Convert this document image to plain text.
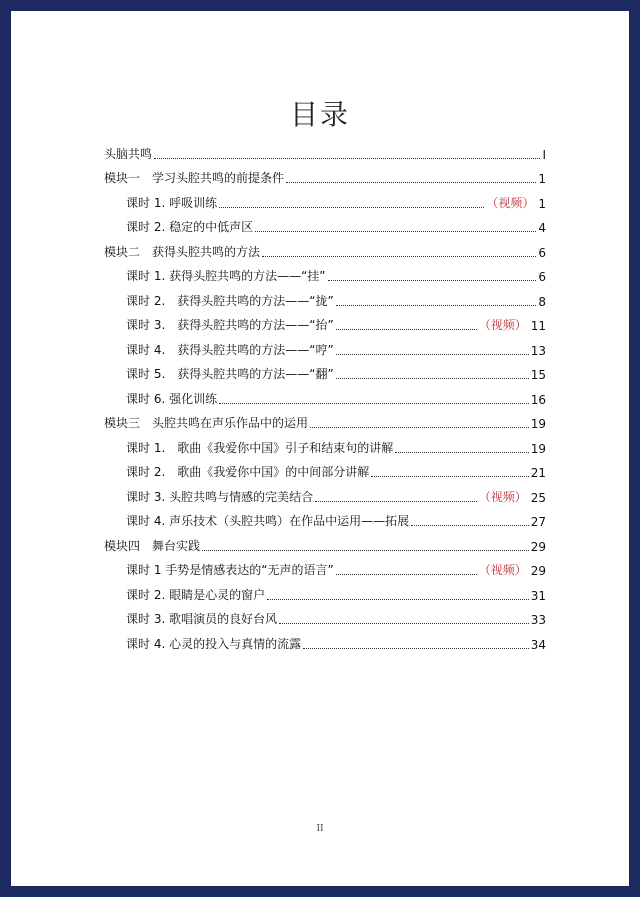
目录
头脑共鸣	I
模块一　学习头腔共鸣的前提条件	1
课时 1. 呼吸训练	（视频） 1
课时 2. 稳定的中低声区	4
模块二　获得头腔共鸣的方法	6
课时 1. 获得头腔共鸣的方法——“挂”	6
课时 2.　获得头腔共鸣的方法——“拢”	8
课时 3.　获得头腔共鸣的方法——“抬”	（视频） 11
课时 4.　获得头腔共鸣的方法——“哼”	13
课时 5.　获得头腔共鸣的方法——“翻”	15
课时 6. 强化训练	16
模块三　头腔共鸣在声乐作品中的运用	19
课时 1.　歌曲《我爱你中国》引子和结束句的讲解	19
课时 2.　歌曲《我爱你中国》的中间部分讲解	21
课时 3. 头腔共鸣与情感的完美结合	（视频） 25
课时 4. 声乐技术（头腔共鸣）在作品中运用——拓展	27
模块四　舞台实践	29
课时 1 手势是情感表达的“无声的语言”	（视频） 29
课时 2. 眼睛是心灵的窗户	31
课时 3. 歌唱演员的良好台风	33
课时 4. 心灵的投入与真情的流露	34
II
